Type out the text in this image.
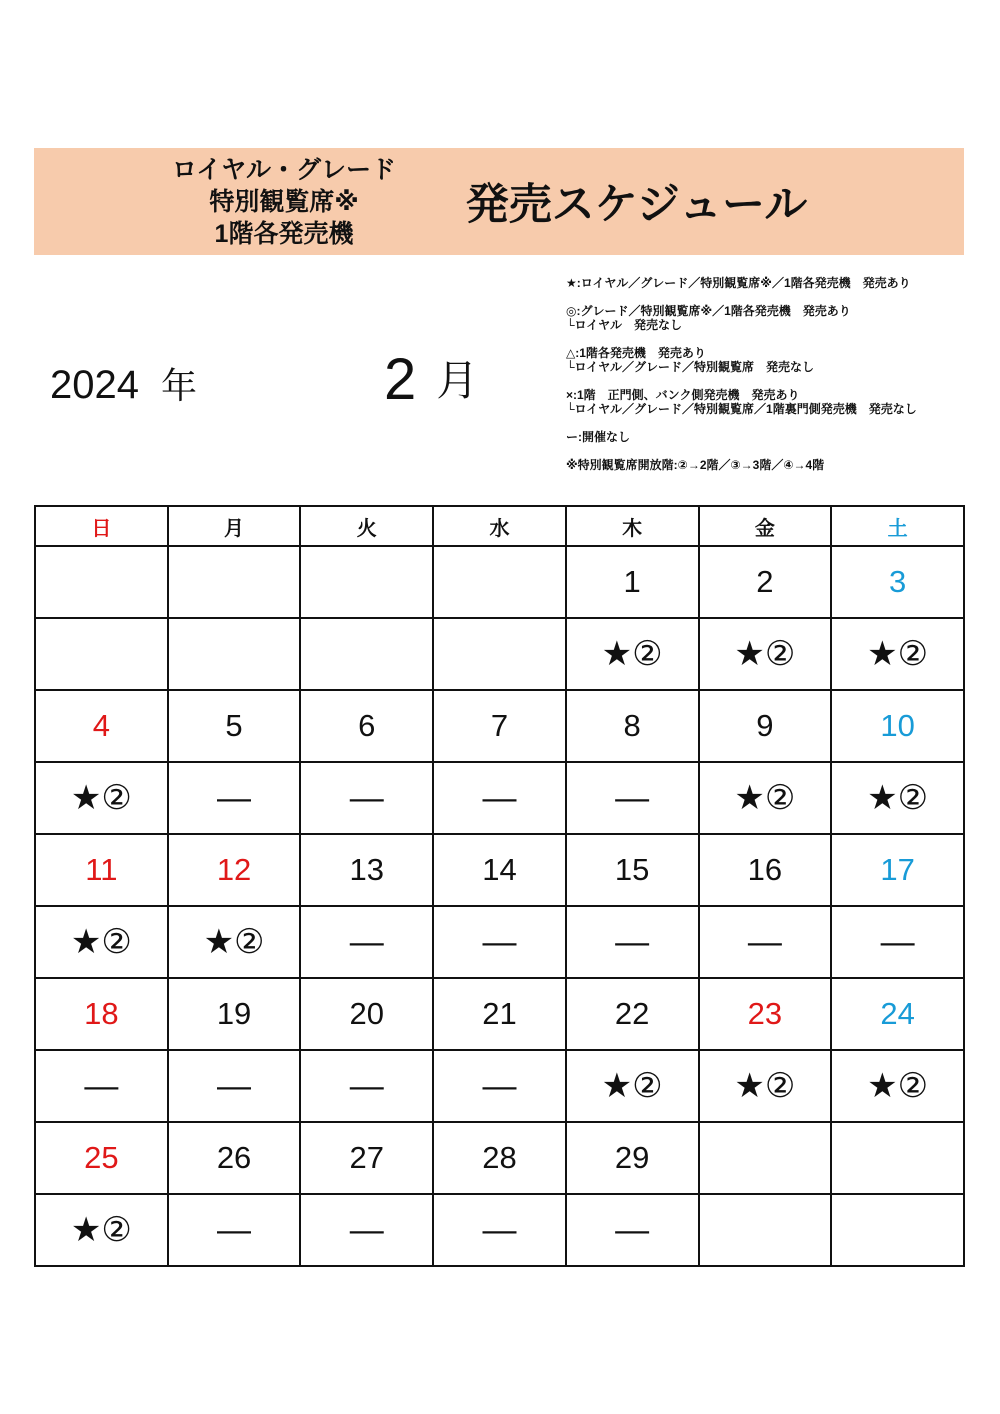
ロイヤル・グレード
特別観覧席※
1階各発売機
発売スケジュール
2024 年	2 月
★:ロイヤル／グレード／特別観覧席※／1階各発売機　発売あり
◎:グレード／特別観覧席※／1階各発売機　発売あり
└ロイヤル　発売なし
△:1階各発売機　発売あり
└ロイヤル／グレード／特別観覧席　発売なし
×:1階　正門側、バンク側発売機　発売あり
└ロイヤル／グレード／特別観覧席／1階裏門側発売機　発売なし
ー:開催なし
※特別観覧席開放階:②→2階／③→3階／④→4階
日	月	火	水	木	金	土
				1	2	3
				★②	★②	★②
4	5	6	7	8	9	10
★②	―	―	―	―	★②	★②
11	12	13	14	15	16	17
★②	★②	―	―	―	―	―
18	19	20	21	22	23	24
―	―	―	―	★②	★②	★②
25	26	27	28	29		
★②	―	―	―	―		
